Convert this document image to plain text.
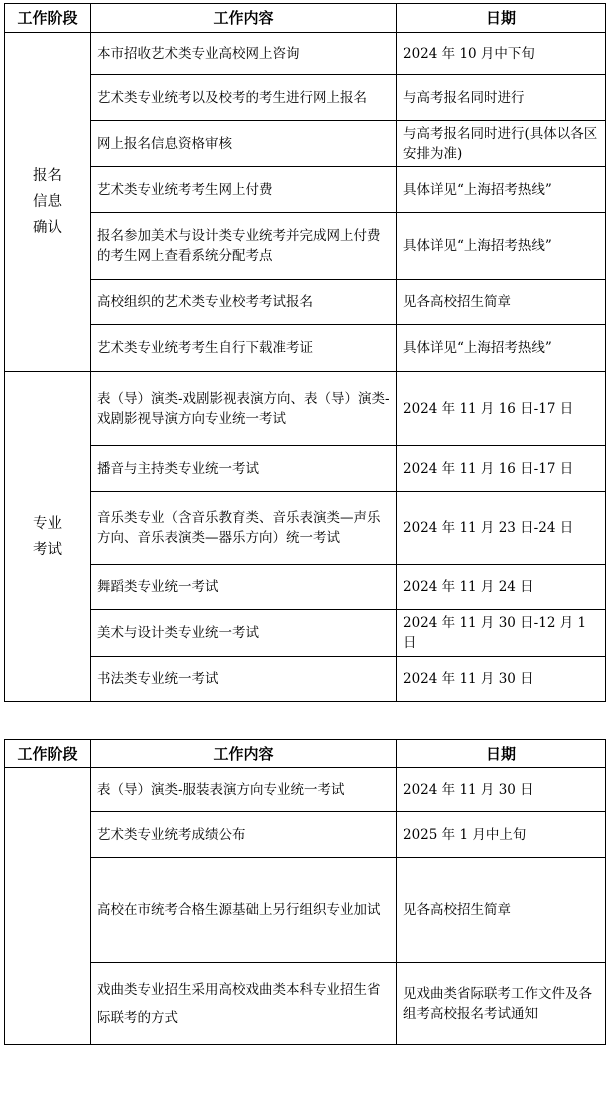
工作阶段	工作内容	日期

报名信息确认	本市招收艺术类专业高校网上咨询	2024 年 10 月中下旬
	艺术类专业统考以及校考的考生进行网上报名	与高考报名同时进行
	网上报名信息资格审核	与高考报名同时进行(具体以各区安排为准)
	艺术类专业统考考生网上付费	具体详见“上海招考热线”
	报名参加美术与设计类专业统考并完成网上付费的考生网上查看系统分配考点	具体详见“上海招考热线”
	高校组织的艺术类专业校考考试报名	见各高校招生简章
	艺术类专业统考考生自行下载准考证	具体详见“上海招考热线”

专业考试	表（导）演类-戏剧影视表演方向、表（导）演类-戏剧影视导演方向专业统一考试	2024 年 11 月 16 日-17 日
	播音与主持类专业统一考试	2024 年 11 月 16 日-17 日
	音乐类专业（含音乐教育类、音乐表演类—声乐方向、音乐表演类—器乐方向）统一考试	2024 年 11 月 23 日-24 日
	舞蹈类专业统一考试	2024 年 11 月 24 日
	美术与设计类专业统一考试	2024 年 11 月 30 日-12 月 1 日
	书法类专业统一考试	2024 年 11 月 30 日
工作阶段	工作内容	日期
	表（导）演类-服装表演方向专业统一考试	2024 年 11 月 30 日
	艺术类专业统考成绩公布	2025 年 1 月中上旬
	高校在市统考合格生源基础上另行组织专业加试	见各高校招生简章
	戏曲类专业招生采用高校戏曲类本科专业招生省际联考的方式	见戏曲类省际联考工作文件及各组考高校报名考试通知
